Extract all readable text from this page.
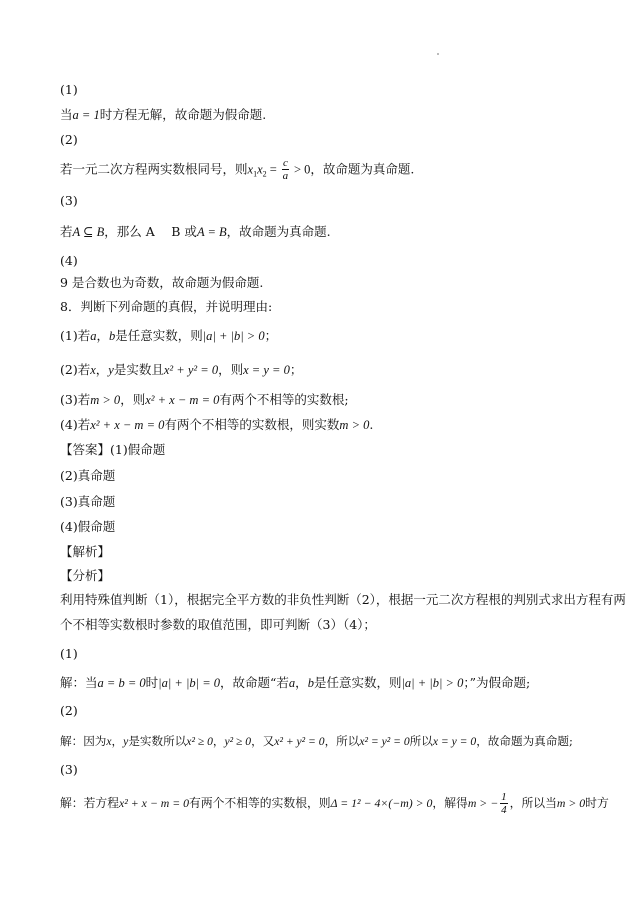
(1)
当a = 1时方程无解，故命题为假命题.
(2)
若一元二次方程两实数根同号，则$x_1x_2 = \frac{c}{a} > 0$，故命题为真命题.
(3)
若A ⊆ B，那么 A　 B 或A = B，故命题为真命题.
(4)
9 是合数也为奇数，故命题为假命题.
8．判断下列命题的真假，并说明理由:
(1)若a，b是任意实数，则|a| + |b| > 0；
(2)若x，y是实数且x² + y² = 0，则x = y = 0；
(3)若m > 0，则x² + x − m = 0有两个不相等的实数根;
(4)若x² + x − m = 0有两个不相等的实数根，则实数m > 0.
【答案】(1)假命题
(2)真命题
(3)真命题
(4)假命题
【解析】
【分析】
利用特殊值判断（1），根据完全平方数的非负性判断（2），根据一元二次方程根的判别式求出方程有两
个不相等实数根时参数的取值范围，即可判断（3）（4）；
(1)
解：当a = b = 0时|a| + |b| = 0，故命题“若a，b是任意实数，则|a| + |b| > 0；”为假命题;
(2)
解：因为x，y是实数所以x² ≥ 0，y² ≥ 0，又x² + y² = 0，所以x² = y² = 0所以x = y = 0，故命题为真命题;
(3)
解：若方程x² + x − m = 0有两个不相等的实数根，则Δ = 1² − 4×(−m) > 0，解得m > − $\frac{1}{4}$ ，所以当m > 0时方
